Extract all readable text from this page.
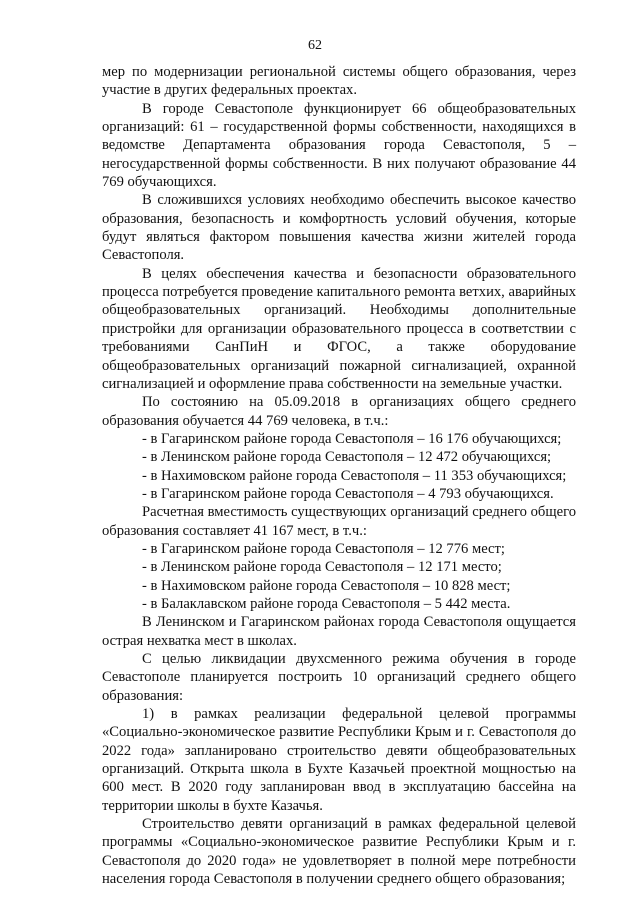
62

мер по модернизации региональной системы общего образования, через участие в других федеральных проектах.

В городе Севастополе функционирует 66 общеобразовательных организаций: 61 – государственной формы собственности, находящихся в ведомстве Департамента образования города Севастополя, 5 – негосударственной формы собственности. В них получают образование 44 769 обучающихся.

В сложившихся условиях необходимо обеспечить высокое качество образования, безопасность и комфортность условий обучения, которые будут являться фактором повышения качества жизни жителей города Севастополя.

В целях обеспечения качества и безопасности образовательного процесса потребуется проведение капитального ремонта ветхих, аварийных общеобразовательных организаций. Необходимы дополнительные пристройки для организации образовательного процесса в соответствии с требованиями СанПиН и ФГОС, а также оборудование общеобразовательных организаций пожарной сигнализацией, охранной сигнализацией и оформление права собственности на земельные участки.

По состоянию на 05.09.2018 в организациях общего среднего образования обучается 44 769 человека, в т.ч.:

- в Гагаринском районе города Севастополя – 16 176 обучающихся;

- в Ленинском районе города Севастополя – 12 472 обучающихся;

- в Нахимовском районе города Севастополя – 11 353 обучающихся;

- в Гагаринском районе города Севастополя – 4 793 обучающихся.

Расчетная вместимость существующих организаций среднего общего образования составляет 41 167 мест, в т.ч.:

- в Гагаринском районе города Севастополя – 12 776 мест;

- в Ленинском районе города Севастополя – 12 171 место;

- в Нахимовском районе города Севастополя – 10 828 мест;

- в Балаклавском районе города Севастополя – 5 442 места.

В Ленинском и Гагаринском районах города Севастополя ощущается острая нехватка мест в школах.

С целью ликвидации двухсменного режима обучения в городе Севастополе планируется построить 10 организаций среднего общего образования:

1) в рамках реализации федеральной целевой программы «Социально-экономическое развитие Республики Крым и г. Севастополя до 2022 года» запланировано строительство девяти общеобразовательных организаций. Открыта школа в Бухте Казачьей проектной мощностью на 600 мест. В 2020 году запланирован ввод в эксплуатацию бассейна на территории школы в бухте Казачья.

Строительство девяти организаций в рамках федеральной целевой программы «Социально-экономическое развитие Республики Крым и г. Севастополя до 2020 года» не удовлетворяет в полной мере потребности населения города Севастополя в получении среднего общего образования;
